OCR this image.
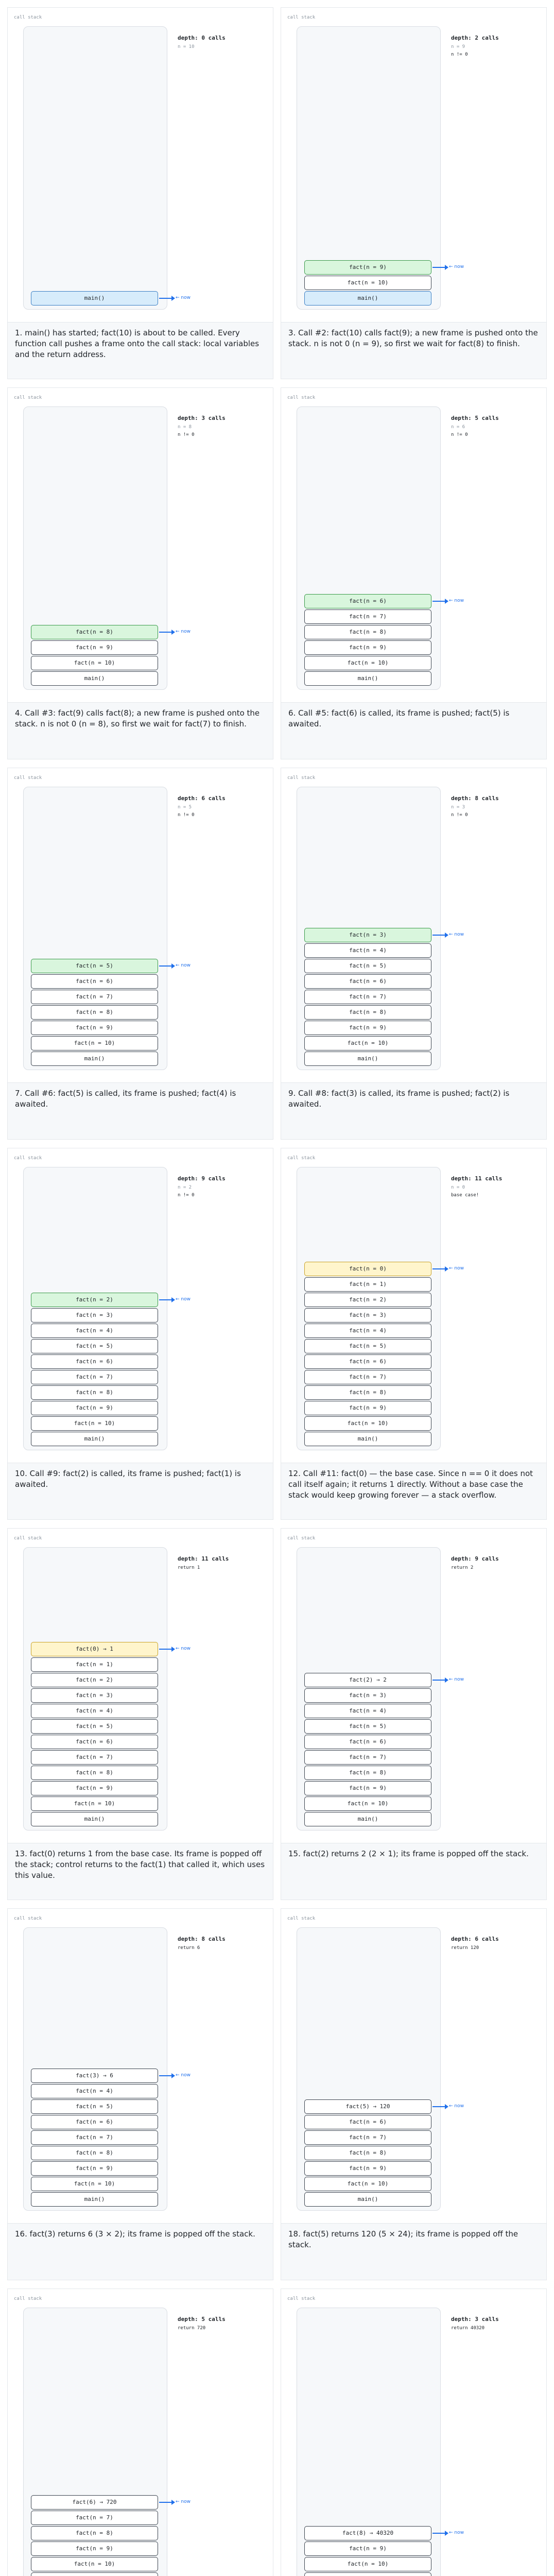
call stack
main()	← now
depth: 0 calls
n = 10
1. main() has started; fact(10) is about to be called. Every function call pushes a frame onto the call stack: local variables and the return address.
call stack
main()
fact(n = 10)
fact(n = 9)	← now
depth: 2 calls
n = 9
n != 0
3. Call #2: fact(10) calls fact(9); a new frame is pushed onto the stack. n is not 0 (n = 9), so first we wait for fact(8) to finish.
call stack
main()
fact(n = 10)
fact(n = 9)
fact(n = 8)	← now
depth: 3 calls
n = 8
n != 0
4. Call #3: fact(9) calls fact(8); a new frame is pushed onto the stack. n is not 0 (n = 8), so first we wait for fact(7) to finish.
call stack
main()
fact(n = 10)
fact(n = 9)
fact(n = 8)
fact(n = 7)
fact(n = 6)	← now
depth: 5 calls
n = 6
n != 0
6. Call #5: fact(6) is called, its frame is pushed; fact(5) is awaited.
call stack
main()
fact(n = 10)
fact(n = 9)
fact(n = 8)
fact(n = 7)
fact(n = 6)
fact(n = 5)	← now
depth: 6 calls
n = 5
n != 0
7. Call #6: fact(5) is called, its frame is pushed; fact(4) is awaited.
call stack
main()
fact(n = 10)
fact(n = 9)
fact(n = 8)
fact(n = 7)
fact(n = 6)
fact(n = 5)
fact(n = 4)
fact(n = 3)	← now
depth: 8 calls
n = 3
n != 0
9. Call #8: fact(3) is called, its frame is pushed; fact(2) is awaited.
call stack
main()
fact(n = 10)
fact(n = 9)
fact(n = 8)
fact(n = 7)
fact(n = 6)
fact(n = 5)
fact(n = 4)
fact(n = 3)
fact(n = 2)	← now
depth: 9 calls
n = 2
n != 0
10. Call #9: fact(2) is called, its frame is pushed; fact(1) is awaited.
call stack
main()
fact(n = 10)
fact(n = 9)
fact(n = 8)
fact(n = 7)
fact(n = 6)
fact(n = 5)
fact(n = 4)
fact(n = 3)
fact(n = 2)
fact(n = 1)
fact(n = 0)	← now
depth: 11 calls
n = 0
base case!
12. Call #11: fact(0) — the base case. Since n == 0 it does not call itself again; it returns 1 directly. Without a base case the stack would keep growing forever — a stack overflow.
call stack
main()
fact(n = 10)
fact(n = 9)
fact(n = 8)
fact(n = 7)
fact(n = 6)
fact(n = 5)
fact(n = 4)
fact(n = 3)
fact(n = 2)
fact(n = 1)
fact(0) → 1	← now
depth: 11 calls
return 1
13. fact(0) returns 1 from the base case. Its frame is popped off the stack; control returns to the fact(1) that called it, which uses this value.
call stack
main()
fact(n = 10)
fact(n = 9)
fact(n = 8)
fact(n = 7)
fact(n = 6)
fact(n = 5)
fact(n = 4)
fact(n = 3)
fact(2) → 2	← now
depth: 9 calls
return 2
15. fact(2) returns 2 (2 × 1); its frame is popped off the stack.
call stack
main()
fact(n = 10)
fact(n = 9)
fact(n = 8)
fact(n = 7)
fact(n = 6)
fact(n = 5)
fact(n = 4)
fact(3) → 6	← now
depth: 8 calls
return 6
16. fact(3) returns 6 (3 × 2); its frame is popped off the stack.
call stack
main()
fact(n = 10)
fact(n = 9)
fact(n = 8)
fact(n = 7)
fact(n = 6)
fact(5) → 120	← now
depth: 6 calls
return 120
18. fact(5) returns 120 (5 × 24); its frame is popped off the stack.
call stack
fact(n = 10)
fact(n = 9)
fact(n = 8)
fact(n = 7)
fact(6) → 720	← now
depth: 5 calls
return 720
call stack
fact(n = 10)
fact(n = 9)
fact(8) → 40320	← now
depth: 3 calls
return 40320
